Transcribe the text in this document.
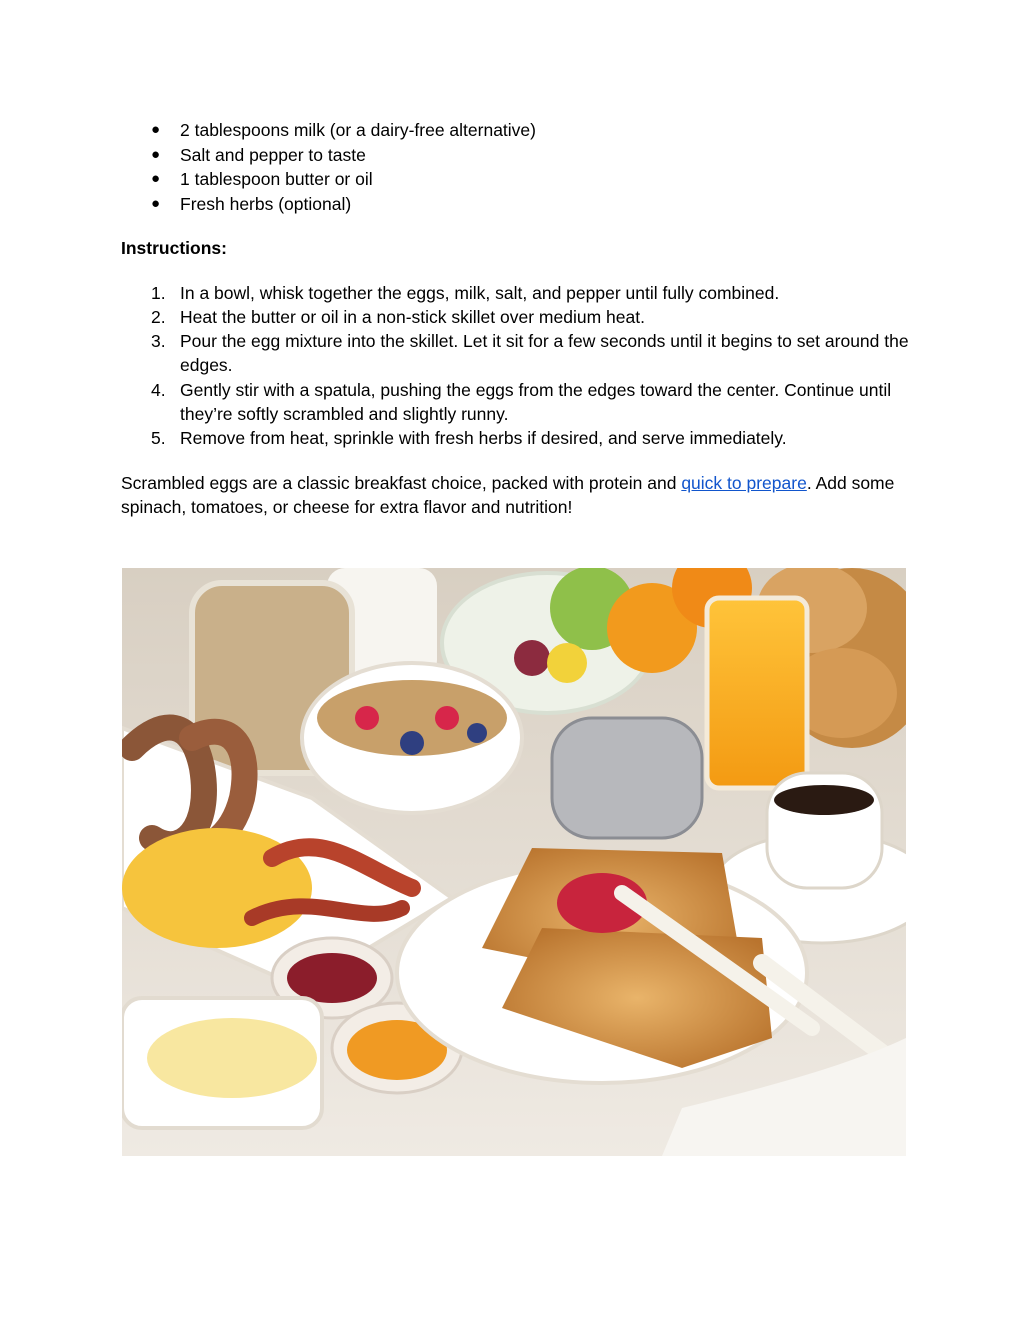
● 2 tablespoons milk (or a dairy-free alternative)
● Salt and pepper to taste
● 1 tablespoon butter or oil
● Fresh herbs (optional)
Instructions:
1. In a bowl, whisk together the eggs, milk, salt, and pepper until fully combined.
2. Heat the butter or oil in a non-stick skillet over medium heat.
3. Pour the egg mixture into the skillet. Let it sit for a few seconds until it begins to set around the edges.
4. Gently stir with a spatula, pushing the eggs from the edges toward the center. Continue until they’re softly scrambled and slightly runny.
5. Remove from heat, sprinkle with fresh herbs if desired, and serve immediately.
Scrambled eggs are a classic breakfast choice, packed with protein and quick to prepare. Add some spinach, tomatoes, or cheese for extra flavor and nutrition!
